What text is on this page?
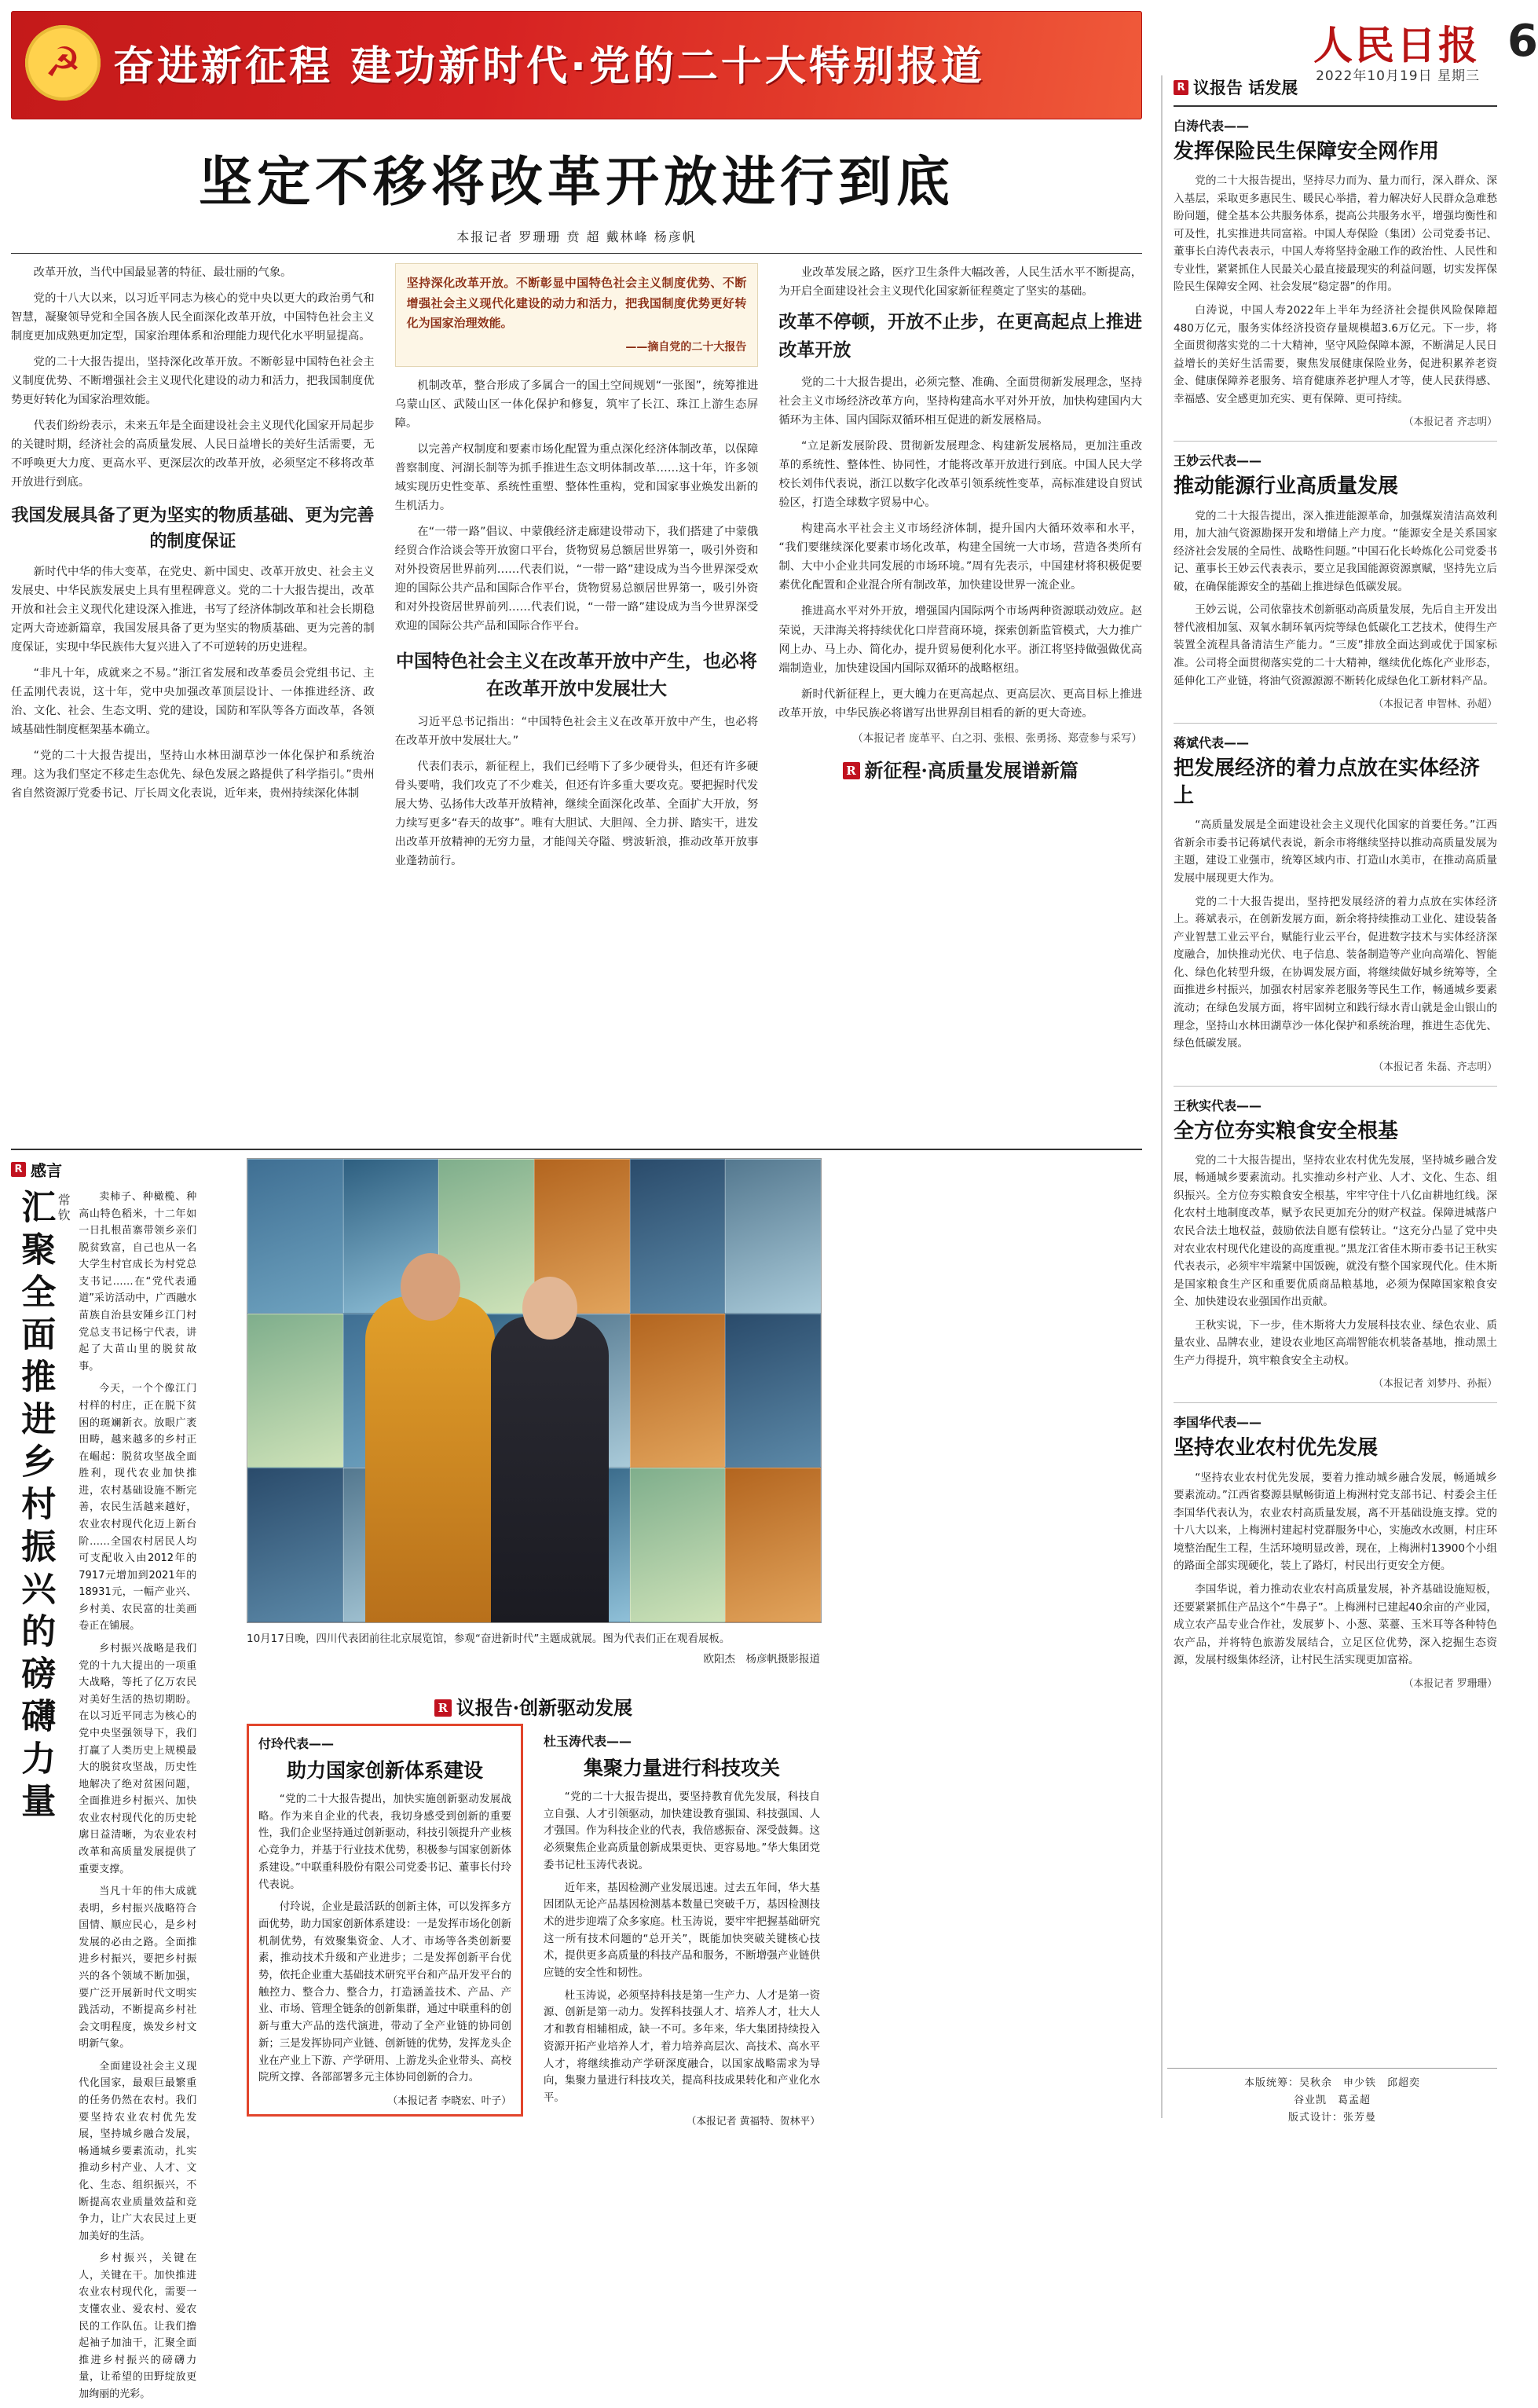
☭ 奋进新征程 建功新时代·党的二十大特别报道	人民日报 6
2022年10月19日 星期三
坚定不移将改革开放进行到底
本报记者 罗珊珊 贲 超 戴林峰 杨彦帆

改革开放，当代中国最显著的特征、最壮丽的气象。

党的十八大以来，以习近平同志为核心的党中央以更大的政治勇气和智慧，凝聚领导党和全国各族人民全面深化改革开放，中国特色社会主义制度更加成熟更加定型，国家治理体系和治理能力现代化水平明显提高。

党的二十大报告提出，坚持深化改革开放。不断彰显中国特色社会主义制度优势、不断增强社会主义现代化建设的动力和活力，把我国制度优势更好转化为国家治理效能。

代表们纷纷表示，未来五年是全面建设社会主义现代化国家开局起步的关键时期，经济社会的高质量发展、人民日益增长的美好生活需要，无不呼唤更大力度、更高水平、更深层次的改革开放，必须坚定不移将改革开放进行到底。

我国发展具备了更为坚实的物质基础、更为完善的制度保证

新时代中华的伟大变革，在党史、新中国史、改革开放史、社会主义发展史、中华民族发展史上具有里程碑意义。党的二十大报告提出，改革开放和社会主义现代化建设深入推进，书写了经济体制改革和社会长期稳定两大奇迹新篇章，我国发展具备了更为坚实的物质基础、更为完善的制度保证，实现中华民族伟大复兴进入了不可逆转的历史进程。

“非凡十年，成就来之不易。”浙江省发展和改革委员会党组书记、主任孟刚代表说，这十年，党中央加强改革顶层设计、一体推进经济、政治、文化、社会、生态文明、党的建设，国防和军队等各方面改革，各领域基础性制度框架基本确立。

“党的二十大报告提出，坚持山水林田湖草沙一体化保护和系统治理。这为我们坚定不移走生态优先、绿色发展之路提供了科学指引。”贵州省自然资源厅党委书记、厅长周文化表说，近年来，贵州持续深化体制

坚持深化改革开放。不断彰显中国特色社会主义制度优势、不断增强社会主义现代化建设的动力和活力，把我国制度优势更好转化为国家治理效能。
——摘自党的二十大报告

机制改革，整合形成了多属合一的国土空间规划“一张图”，统筹推进乌蒙山区、武陵山区一体化保护和修复，筑牢了长江、珠江上游生态屏障。

以完善产权制度和要素市场化配置为重点深化经济体制改革，以保障普察制度、河湖长制等为抓手推进生态文明体制改革……这十年，许多领域实现历史性变革、系统性重塑、整体性重构，党和国家事业焕发出新的生机活力。

在“一带一路”倡议、中蒙俄经济走廊建设带动下，我们搭建了中蒙俄经贸合作洽谈会等开放窗口平台，货物贸易总额居世界第一，吸引外资和对外投资居世界前列……代表们说，“一带一路”建设成为当今世界深受欢迎的国际公共产品和国际合作平台，货物贸易总额居世界第一，吸引外资和对外投资居世界前列……代表们说，“一带一路”建设成为当今世界深受欢迎的国际公共产品和国际合作平台。

中国特色社会主义在改革开放中产生，也必将在改革开放中发展壮大

习近平总书记指出：“中国特色社会主义在改革开放中产生，也必将在改革开放中发展壮大。”

代表们表示，新征程上，我们已经啃下了多少硬骨头，但还有许多硬骨头要啃，我们攻克了不少难关，但还有许多重大要攻克。要把握时代发展大势、弘扬伟大改革开放精神，继续全面深化改革、全面扩大开放，努力续写更多“春天的故事”。唯有大胆试、大胆闯、全力拼、踏实干，进发出改革开放精神的无穷力量，才能闯关夺隘、劈波斩浪，推动改革开放事业蓬勃前行。

业改革发展之路，医疗卫生条件大幅改善，人民生活水平不断提高，为开启全面建设社会主义现代化国家新征程奠定了坚实的基础。

改革不停顿，开放不止步，在更高起点上推进改革开放

党的二十大报告提出，必须完整、准确、全面贯彻新发展理念，坚持社会主义市场经济改革方向，坚持构建高水平对外开放，加快构建国内大循环为主体、国内国际双循环相互促进的新发展格局。

“立足新发展阶段、贯彻新发展理念、构建新发展格局，更加注重改革的系统性、整体性、协同性，才能将改革开放进行到底。中国人民大学校长刘伟代表说，浙江以数字化改革引领系统性变革，高标准建设自贸试验区，打造全球数字贸易中心。

构建高水平社会主义市场经济体制，提升国内大循环效率和水平，“我们要继续深化要素市场化改革，构建全国统一大市场，营造各类所有制、大中小企业共同发展的市场环境。”周有先表示，中国建材将积极促要素优化配置和企业混合所有制改革，加快建设世界一流企业。

推进高水平对外开放，增强国内国际两个市场两种资源联动效应。赵荣说，天津海关将持续优化口岸营商环境，探索创新监管模式，大力推广网上办、马上办、简化办，提升贸易便利化水平。浙江将坚持做强做优高端制造业，加快建设国内国际双循环的战略枢纽。

新时代新征程上，更大魄力在更高起点、更高层次、更高目标上推进改革开放，中华民族必将谱写出世界刮目相看的新的更大奇迹。

（本报记者 庞革平、白之羽、张根、张勇扬、郑壹参与采写）
R 新征程·高质量发展谱新篇
R 感言
汇聚全面推进乡村振兴的磅礴力量 常钦	卖柿子、种橄榄、种高山特色稻米，十二年如一日扎根苗寨带领乡亲们脱贫致富，自己也从一名大学生村官成长为村党总支书记……在“党代表通道”采访活动中，广西融水苗族自治县安陲乡江门村党总支书记杨宁代表，讲起了大苗山里的脱贫故事。

今天，一个个像江门村样的村庄，正在脱下贫困的斑斓新衣。放眼广袤田畴，越来越多的乡村正在崛起：脱贫攻坚战全面胜利，现代农业加快推进，农村基础设施不断完善，农民生活越来越好，农业农村现代化迈上新台阶……全国农村居民人均可支配收入由2012年的7917元增加到2021年的18931元，一幅产业兴、乡村美、农民富的壮美画卷正在铺展。

乡村振兴战略是我们党的十九大提出的一项重大战略，等托了亿万农民对美好生活的热切期盼。在以习近平同志为核心的党中央坚强领导下，我们打赢了人类历史上规模最大的脱贫攻坚战，历史性地解决了绝对贫困问题，全面推进乡村振兴、加快农业农村现代化的历史轮廓日益清晰，为农业农村改革和高质量发展提供了重要支撑。

当凡十年的伟大成就表明，乡村振兴战略符合国情、顺应民心，是乡村发展的必由之路。全面推进乡村振兴，要把乡村振兴的各个领域不断加强，要广泛开展新时代文明实践活动，不断提高乡村社会文明程度，焕发乡村文明新气象。

全面建设社会主义现代化国家，最艰巨最繁重的任务仍然在农村。我们要坚持农业农村优先发展，坚持城乡融合发展，畅通城乡要素流动，扎实推动乡村产业、人才、文化、生态、组织振兴，不断提高农业质量效益和竞争力，让广大农民过上更加美好的生活。

乡村振兴，关键在人，关键在干。加快推进农业农村现代化，需要一支懂农业、爱农村、爱农民的工作队伍。让我们撸起袖子加油干，汇聚全面推进乡村振兴的磅礴力量，让希望的田野绽放更加绚丽的光彩。

10月17日晚，四川代表团前往北京展览馆，参观“奋进新时代”主题成就展。图为代表们正在观看展板。
欧阳杰　杨彦帆摄影报道
R 议报告·创新驱动发展
付玲代表——
助力国家创新体系建设

“党的二十大报告提出，加快实施创新驱动发展战略。作为来自企业的代表，我切身感受到创新的重要性，我们企业坚持通过创新驱动，科技引领提升产业核心竞争力，并基于行业技术优势，积极参与国家创新体系建设。”中联重科股份有限公司党委书记、董事长付玲代表说。

付玲说，企业是最活跃的创新主体，可以发挥多方面优势，助力国家创新体系建设：一是发挥市场化创新机制优势，有效聚集资金、人才、市场等各类创新要素，推动技术升级和产业进步；二是发挥创新平台优势，依托企业重大基础技术研究平台和产品开发平台的触控力、整合力、整合力，打造涵盖技术、产品、产业、市场、管理全链条的创新集群，通过中联重科的创新与重大产品的迭代演进，带动了全产业链的协同创新；三是发挥协同产业链、创新链的优势，发挥龙头企业在产业上下游、产学研用、上游龙头企业带头、高校院所文撑、各部部署多元主体协同创新的合力。

（本报记者 李晓宏、叶子）
杜玉涛代表——
集聚力量进行科技攻关

“党的二十大报告提出，要坚持教育优先发展，科技自立自强、人才引领驱动，加快建设教育强国、科技强国、人才强国。作为科技企业的代表，我倍感振奋、深受鼓舞。这必须聚焦企业高质量创新成果更快、更容易地。”华大集团党委书记杜玉涛代表说。

近年来，基因检测产业发展迅速。过去五年间，华大基因团队无论产品基因检测基本数量已突破千万，基因检测技术的进步迎端了众多家庭。杜玉涛说，要牢牢把握基础研究这一所有技术问题的“总开关”，既能加快突破关键核心技术，提供更多高质量的科技产品和服务，不断增强产业链供应链的安全性和韧性。

杜玉涛说，必须坚持科技是第一生产力、人才是第一资源、创新是第一动力。发挥科技强人才、培养人才，壮大人才和教育相辅相成，缺一不可。多年来，华大集团持续投入资源开拓产业培养人才，着力培养高层次、高技术、高水平人才，将继续推动产学研深度融合，以国家战略需求为导向，集聚力量进行科技攻关，提高科技成果转化和产业化水平。

（本报记者 黄福特、贺林平）
R 议报告 话发展
白涛代表——
发挥保险民生保障安全网作用

党的二十大报告提出，坚持尽力而为、量力而行，深入群众、深入基层，采取更多惠民生、暖民心举措，着力解决好人民群众急难愁盼问题，健全基本公共服务体系，提高公共服务水平，增强均衡性和可及性，扎实推进共同富裕。中国人寿保险（集团）公司党委书记、董事长白涛代表表示，中国人寿将坚持金融工作的政治性、人民性和专业性，紧紧抓住人民最关心最直接最现实的利益问题，切实发挥保险民生保障安全网、社会发展“稳定器”的作用。

白涛说，中国人寿2022年上半年为经济社会提供风险保障超480万亿元，服务实体经济投资存量规模超3.6万亿元。下一步，将全面贯彻落实党的二十大精神，坚守风险保障本源，不断满足人民日益增长的美好生活需要，聚焦发展健康保险业务，促进积累养老资金、健康保障养老服务、培育健康养老护理人才等，使人民获得感、幸福感、安全感更加充实、更有保障、更可持续。

（本报记者 齐志明）
王妙云代表——
推动能源行业高质量发展

党的二十大报告提出，深入推进能源革命，加强煤炭清洁高效利用，加大油气资源勘探开发和增储上产力度。“能源安全是关系国家经济社会发展的全局性、战略性问题。”中国石化长岭炼化公司党委书记、董事长王妙云代表表示，要立足我国能源资源禀赋，坚持先立后破，在确保能源安全的基础上推进绿色低碳发展。

王妙云说，公司依靠技术创新驱动高质量发展，先后自主开发出替代液相加氢、双氧水制环氧丙烷等绿色低碳化工艺技术，使得生产装置全流程具备清洁生产能力。“三废”排放全面达到或优于国家标准。公司将全面贯彻落实党的二十大精神，继续优化炼化产业形态，延伸化工产业链，将油气资源源源不断转化成绿色化工新材料产品。

（本报记者 申智林、孙超）
蒋斌代表——
把发展经济的着力点放在实体经济上

“高质量发展是全面建设社会主义现代化国家的首要任务。”江西省新余市委书记蒋斌代表说，新余市将继续坚持以推动高质量发展为主题，建设工业强市，统筹区域内市、打造山水美市，在推动高质量发展中展现更大作为。

党的二十大报告提出，坚持把发展经济的着力点放在实体经济上。蒋斌表示，在创新发展方面，新余将持续推动工业化、建设装备产业智慧工业云平台，赋能行业云平台，促进数字技术与实体经济深度融合，加快推动光伏、电子信息、装备制造等产业向高端化、智能化、绿色化转型升级，在协调发展方面，将继续做好城乡统筹等，全面推进乡村振兴，加强农村居家养老服务等民生工作，畅通城乡要素流动；在绿色发展方面，将牢固树立和践行绿水青山就是金山银山的理念，坚持山水林田湖草沙一体化保护和系统治理，推进生态优先、绿色低碳发展。

（本报记者 朱磊、齐志明）
王秋实代表——
全方位夯实粮食安全根基

党的二十大报告提出，坚持农业农村优先发展，坚持城乡融合发展，畅通城乡要素流动。扎实推动乡村产业、人才、文化、生态、组织振兴。全方位夯实粮食安全根基，牢牢守住十八亿亩耕地红线。深化农村土地制度改革，赋予农民更加充分的财产权益。保障进城落户农民合法土地权益，鼓励依法自愿有偿转让。“这充分凸显了党中央对农业农村现代化建设的高度重视。”黑龙江省佳木斯市委书记王秋实代表表示，必须牢牢端紧中国饭碗，就没有整个国家现代化。佳木斯是国家粮食生产区和重要优质商品粮基地，必须为保障国家粮食安全、加快建设农业强国作出贡献。

王秋实说，下一步，佳木斯将大力发展科技农业、绿色农业、质量农业、品牌农业，建设农业地区高端智能农机装备基地，推动黑土生产力得提升，筑牢粮食安全主动权。

（本报记者 刘梦丹、孙振）
李国华代表——
坚持农业农村优先发展

“坚持农业农村优先发展，要着力推动城乡融合发展，畅通城乡要素流动。”江西省婺源县赋畅街道上梅洲村党支部书记、村委会主任李国华代表认为，农业农村高质量发展，离不开基础设施支撑。党的十八大以来，上梅洲村建起村党群服务中心，实施改水改厕，村庄环境整治配生工程，生活环境明显改善，现在，上梅洲村13900个小组的路面全部实现硬化，装上了路灯，村民出行更安全方便。

李国华说，着力推动农业农村高质量发展，补齐基础设施短板，还要紧紧抓住产品这个“牛鼻子”。上梅洲村已建起40余亩的产业园，成立农产品专业合作社，发展萝卜、小葱、菜薹、玉米耳等各种特色农产品，并将特色旅游发展结合，立足区位优势，深入挖掘生态资源，发展村级集体经济，让村民生活实现更加富裕。

（本报记者 罗珊珊）
本版统筹：吴秋余　申少铁　邱超奕
谷业凯　葛孟超
版式设计：张芳曼
